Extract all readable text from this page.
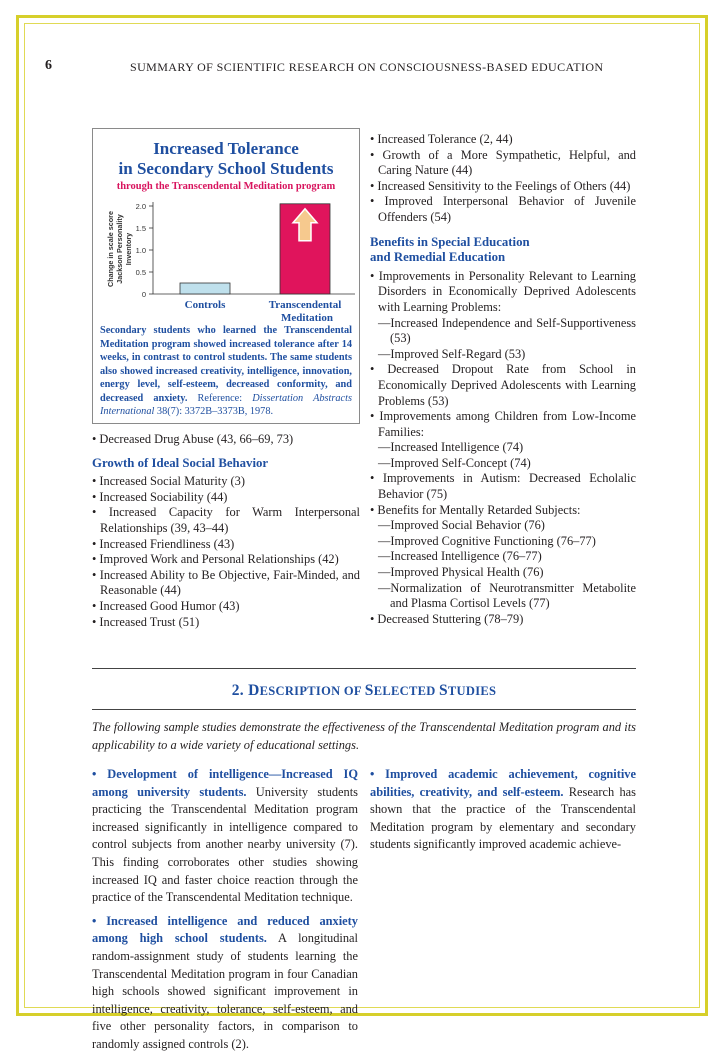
6	SUMMARY OF SCIENTIFIC RESEARCH ON CONSCIOUSNESS-BASED EDUCATION
Increased Tolerance
in Secondary School Students
through the Transcendental Meditation program
Change in scale score Jackson Personality Inventory
0
0.5
1.0
1.5
2.0
Controls	Transcendental
Meditation
Secondary students who learned the Transcendental Meditation program showed increased tolerance after 14 weeks, in contrast to control students. The same students also showed increased creativity, intelligence, innovation, energy level, self-esteem, decreased conformity, and decreased anxiety. Reference: Dissertation Abstracts International 38(7): 3372B–3373B, 1978.
• Decreased Drug Abuse (43, 66–69, 73)
Growth of Ideal Social Behavior
• Increased Social Maturity (3)
• Increased Sociability (44)
• Increased Capacity for Warm Interpersonal Relationships (39, 43–44)
• Increased Friendliness (43)
• Improved Work and Personal Relationships (42)
• Increased Ability to Be Objective, Fair-Minded, and Reasonable (44)
• Increased Good Humor (43)
• Increased Trust (51)
• Increased Tolerance (2, 44)
• Growth of a More Sympathetic, Helpful, and Caring Nature (44)
• Increased Sensitivity to the Feelings of Others (44)
• Improved Interpersonal Behavior of Juvenile Offenders (54)
Benefits in Special Education
and Remedial Education
• Improvements in Personality Relevant to Learning Disorders in Economically Deprived Adolescents with Learning Problems:
—Increased Independence and Self-Supportiveness (53)
—Improved Self-Regard (53)
• Decreased Dropout Rate from School in Economically Deprived Adolescents with Learning Problems (53)
• Improvements among Children from Low-Income Families:
—Increased Intelligence (74)
—Improved Self-Concept (74)
• Improvements in Autism: Decreased Echolalic Behavior (75)
• Benefits for Mentally Retarded Subjects:
—Improved Social Behavior (76)
—Improved Cognitive Functioning (76–77)
—Increased Intelligence (76–77)
—Improved Physical Health (76)
—Normalization of Neurotransmitter Metabolite and Plasma Cortisol Levels (77)
• Decreased Stuttering (78–79)
2. DESCRIPTION OF SELECTED STUDIES
The following sample studies demonstrate the effectiveness of the Transcendental Meditation program and its applicability to a wide variety of educational settings.

• Development of intelligence—Increased IQ among university students. University students practicing the Transcendental Meditation program increased significantly in intelligence compared to control subjects from another nearby university (7). This finding corroborates other studies showing increased IQ and faster choice reaction through the practice of the Transcendental Meditation technique.

• Increased intelligence and reduced anxiety among high school students. A longitudinal random-assignment study of students learning the Transcendental Meditation program in four Canadian high schools showed significant improvement in intelligence, creativity, tolerance, self-esteem, and five other personality factors, in comparison to randomly assigned controls (2).

• Improved academic achievement, cognitive abilities, creativity, and self-esteem. Research has shown that the practice of the Transcendental Meditation program by elementary and secondary students significantly improved academic achieve-
